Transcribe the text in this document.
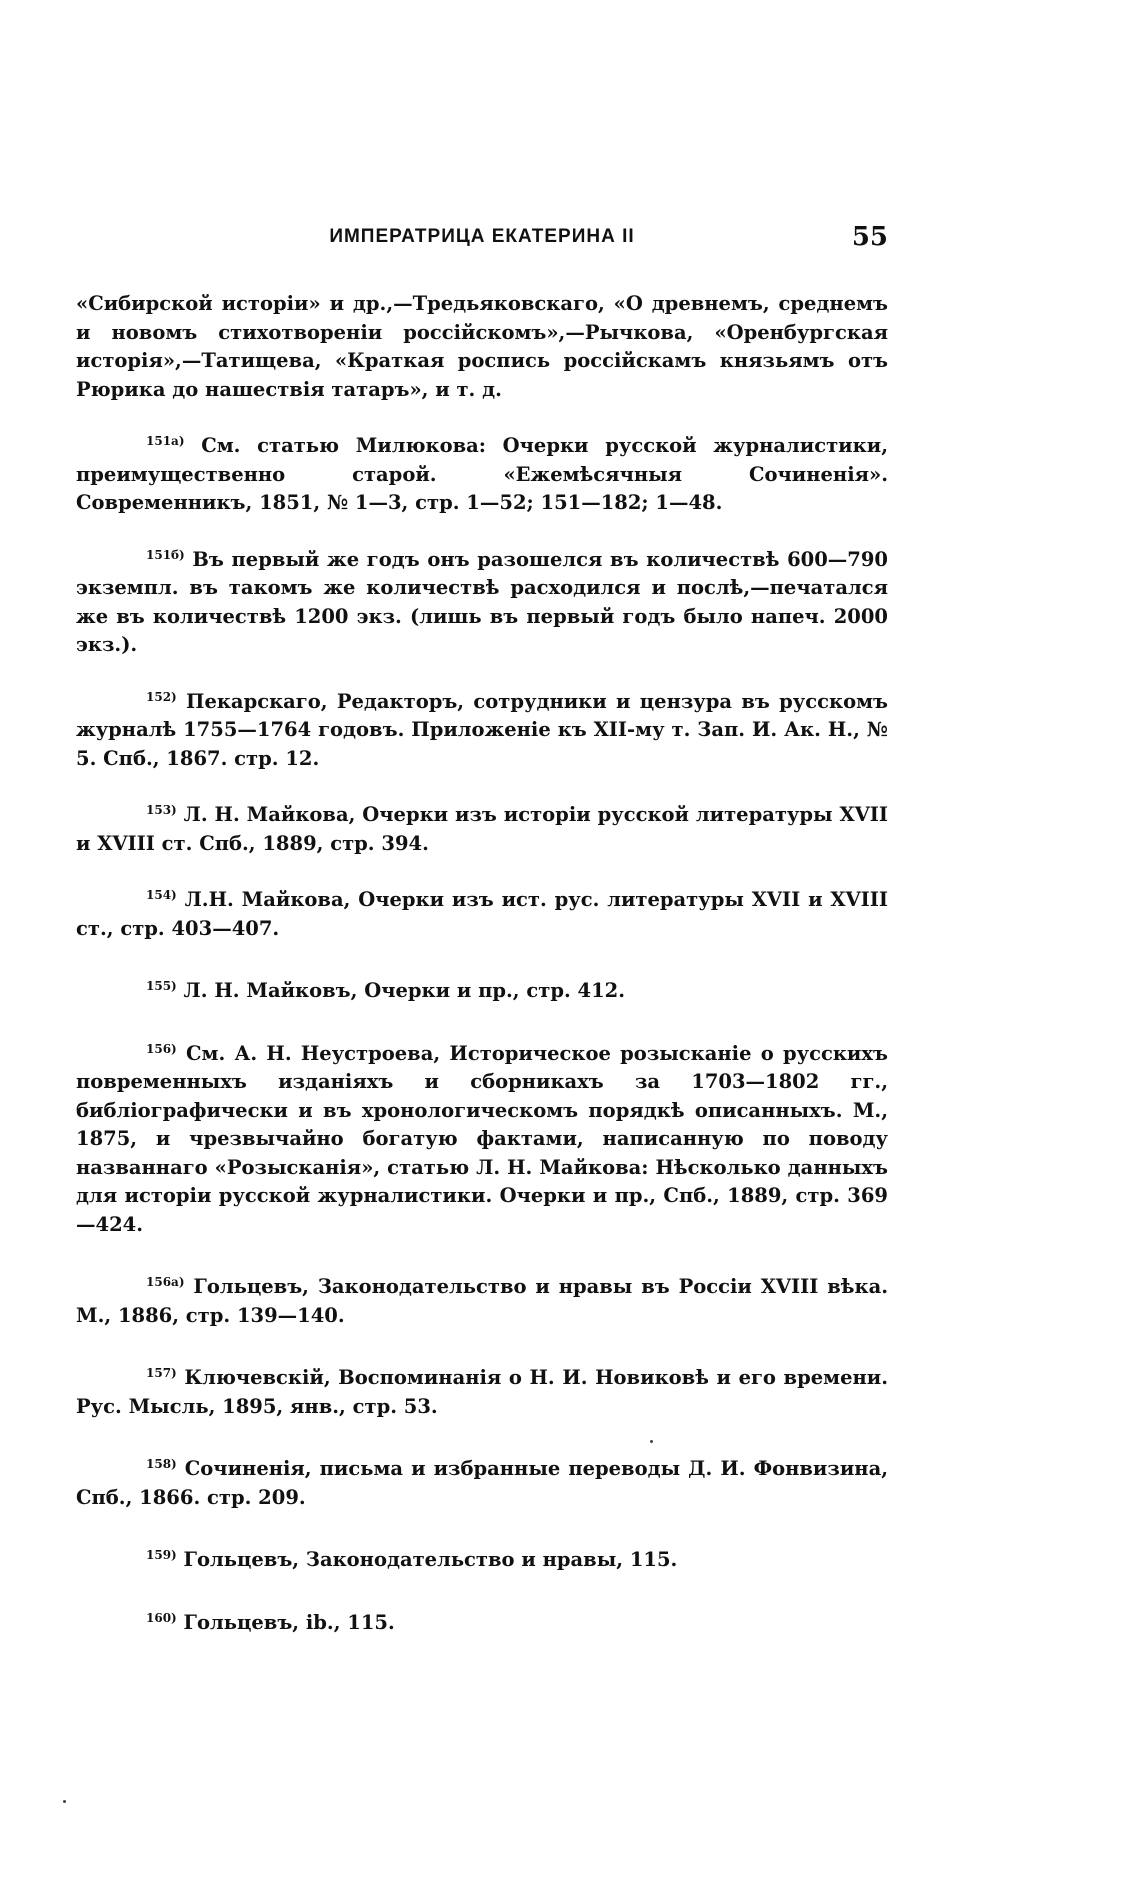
ИМПЕРАТРИЦА ЕКАТЕРИНА II	55

«Сибирской исторіи» и др.,—Тредьяковскаго, «О древнемъ, среднемъ и новомъ стихотвореніи россійскомъ»,—Рычкова, «Оренбургская исторія»,—Татищева, «Краткая роспись россійскамъ князьямъ отъ Рюрика до нашествія татаръ», и т. д.

$^{151а)}$ См. статью Милюкова: Очерки русской журналистики, преимущественно старой. «Ежемѣсячныя Сочиненія». Современникъ, 1851, № 1—3, стр. 1—52; 151—182; 1—48.

$^{151б)}$ Въ первый же годъ онъ разошелся въ количествѣ 600—790 экземпл. въ такомъ же количествѣ расходился и послѣ,—печатался же въ количествѣ 1200 экз. (лишь въ первый годъ было напеч. 2000 экз.).

$^{152)}$ Пекарскаго, Редакторъ, сотрудники и цензура въ русскомъ журналѣ 1755—1764 годовъ. Приложеніе къ XII-му т. Зап. И. Ак. Н., № 5. Спб., 1867. стр. 12.

$^{153)}$ Л. Н. Майкова, Очерки изъ исторіи русской литературы XVII и XVIII ст. Спб., 1889, стр. 394.

$^{154)}$ Л.Н. Майкова, Очерки изъ ист. рус. литературы XVII и XVIII ст., стр. 403—407.

$^{155)}$ Л. Н. Майковъ, Очерки и пр., стр. 412.

$^{156)}$ См. А. Н. Неустроева, Историческое розысканіе о русскихъ повременныхъ изданіяхъ и сборникахъ за 1703—1802 гг., библіографически и въ хронологическомъ порядкѣ описанныхъ. М., 1875, и чрезвычайно богатую фактами, написанную по поводу названнаго «Розысканія», статью Л. Н. Майкова: Нѣсколько данныхъ для исторіи русской журналистики. Очерки и пр., Спб., 1889, стр. 369—424.

$^{156а)}$ Гольцевъ, Законодательство и нравы въ Россіи XVIII вѣка. М., 1886, стр. 139—140.

$^{157)}$ Ключевскій, Воспоминанія о Н. И. Новиковѣ и его времени. Рус. Мысль, 1895, янв., стр. 53.

$^{158)}$ Сочиненія, письма и избранные переводы Д. И. Фонвизина, Спб., 1866. стр. 209.

$^{159)}$ Гольцевъ, Законодательство и нравы, 115.

$^{160)}$ Гольцевъ, ib., 115.
